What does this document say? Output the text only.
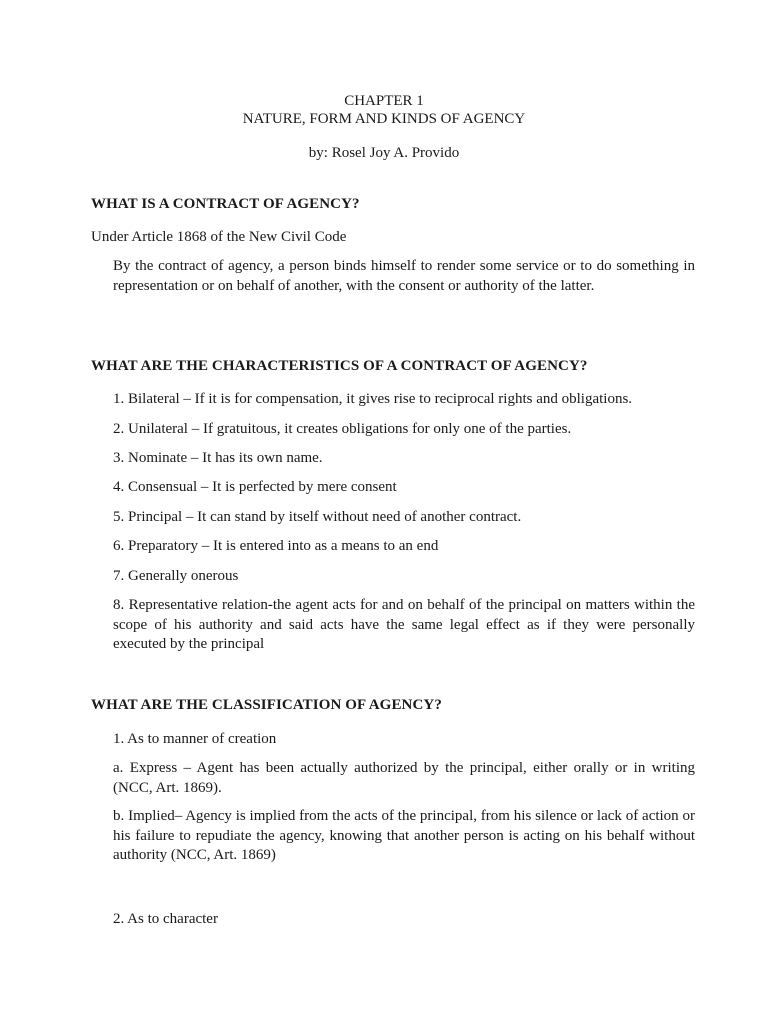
CHAPTER 1
NATURE, FORM AND KINDS OF AGENCY
by: Rosel Joy A. Provido
WHAT IS A CONTRACT OF AGENCY?
Under Article 1868 of the New Civil Code
By the contract of agency, a person binds himself to render some service or to do something in representation or on behalf of another, with the consent or authority of the latter.
WHAT ARE THE CHARACTERISTICS OF A CONTRACT OF AGENCY?
1. Bilateral – If it is for compensation, it gives rise to reciprocal rights and obligations.
2. Unilateral – If gratuitous, it creates obligations for only one of the parties.
3. Nominate – It has its own name.
4. Consensual – It is perfected by mere consent
5. Principal – It can stand by itself without need of another contract.
6. Preparatory – It is entered into as a means to an end
7. Generally onerous
8. Representative relation-the agent acts for and on behalf of the principal on matters within the scope of his authority and said acts have the same legal effect as if they were personally executed by the principal
WHAT ARE THE CLASSIFICATION OF AGENCY?
1. As to manner of creation
a. Express – Agent has been actually authorized by the principal, either orally or in writing (NCC, Art. 1869).
b. Implied– Agency is implied from the acts of the principal, from his silence or lack of action or his failure to repudiate the agency, knowing that another person is acting on his behalf without authority (NCC, Art. 1869)
2. As to character
